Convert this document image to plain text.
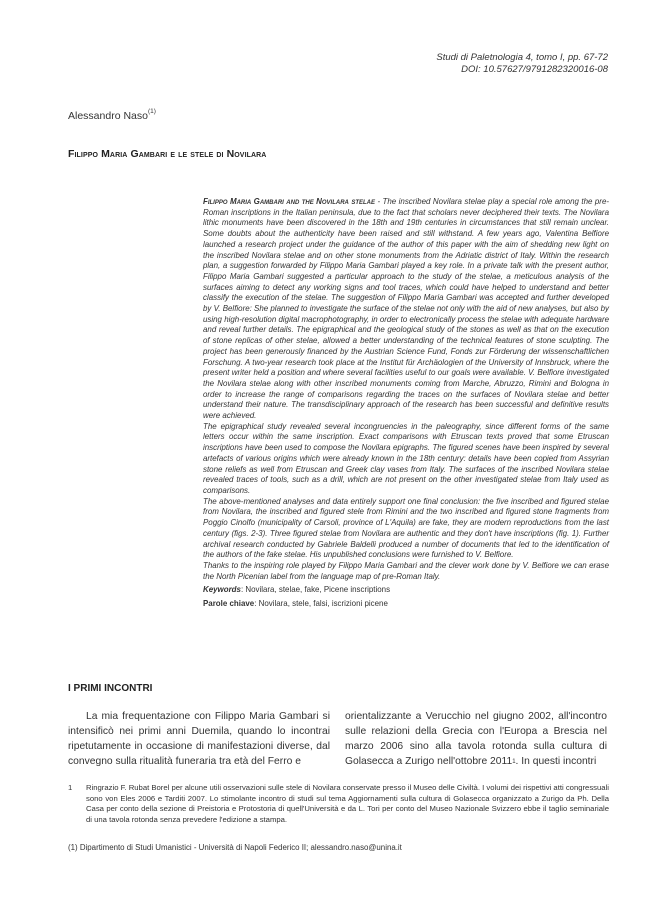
Studi di Paletnologia 4, tomo I, pp. 67-72
DOI: 10.57627/9791282320016-08
Alessandro Naso$^{(1)}$
Filippo Maria Gambari e le stele di Novilara

Filippo Maria Gambari and the Novilara stelae - The inscribed Novilara stelae play a special role among the pre-Roman inscriptions in the Italian peninsula, due to the fact that scholars never deciphered their texts. The Novilara lithic monuments have been discovered in the 18th and 19th centuries in circumstances that still remain unclear. Some doubts about the authenticity have been raised and still withstand. A few years ago, Valentina Belfiore launched a research project under the guidance of the author of this paper with the aim of shedding new light on the inscribed Novilara stelae and on other stone monuments from the Adriatic district of Italy. Within the research plan, a suggestion forwarded by Filippo Maria Gambari played a key role. In a private talk with the present author, Filippo Maria Gambari suggested a particular approach to the study of the stelae, a meticulous analysis of the surfaces aiming to detect any working signs and tool traces, which could have helped to understand and better classify the execution of the stelae. The suggestion of Filippo Maria Gambari was accepted and further developed by V. Belfiore: She planned to investigate the surface of the stelae not only with the aid of new analyses, but also by using high-resolution digital macrophotography, in order to electronically process the stelae with adequate hardware and reveal further details. The epigraphical and the geological study of the stones as well as that on the execution of stone replicas of other stelae, allowed a better understanding of the technical features of stone sculpting. The project has been generously financed by the Austrian Science Fund, Fonds zur Förderung der wissenschaftlichen Forschung. A two-year research took place at the Institut für Archäologien of the University of Innsbruck, where the present writer held a position and where several facilities useful to our goals were available. V. Belfiore investigated the Novilara stelae along with other inscribed monuments coming from Marche, Abruzzo, Rimini and Bologna in order to increase the range of comparisons regarding the traces on the surfaces of Novilara stelae and better understand their nature. The transdisciplinary approach of the research has been successful and definitive results were achieved.

The epigraphical study revealed several incongruencies in the paleography, since different forms of the same letters occur within the same inscription. Exact comparisons with Etruscan texts proved that some Etruscan inscriptions have been used to compose the Novilara epigraphs. The figured scenes have been inspired by several artefacts of various origins which were already known in the 18th century: details have been copied from Assyrian stone reliefs as well from Etruscan and Greek clay vases from Italy. The surfaces of the inscribed Novilara stelae revealed traces of tools, such as a drill, which are not present on the other investigated stelae from Italy used as comparisons.

The above-mentioned analyses and data entirely support one final conclusion: the five inscribed and figured stelae from Novilara, the inscribed and figured stele from Rimini and the two inscribed and figured stone fragments from Poggio Cinolfo (municipality of Carsoli, province of L'Aquila) are fake, they are modern reproductions from the last century (figs. 2-3). Three figured stelae from Novilara are authentic and they don't have inscriptions (fig. 1). Further archival research conducted by Gabriele Baldelli produced a number of documents that led to the identification of the authors of the fake stelae. His unpublished conclusions were furnished to V. Belfiore.

Thanks to the inspiring role played by Filippo Maria Gambari and the clever work done by V. Belfiore we can erase the North Picenian label from the language map of pre-Roman Italy.

Keywords: Novilara, stelae, fake, Picene inscriptions

Parole chiave: Novilara, stele, falsi, iscrizioni picene

I PRIMI INCONTRI

La mia frequentazione con Filippo Maria Gambari si intensificò nei primi anni Duemila, quando lo incontrai ripetutamente in occasione di manifestazioni diverse, dal convegno sulla ritualità funeraria tra età del Ferro e

orientalizzante a Verucchio nel giugno 2002, all'incontro sulle relazioni della Grecia con l'Europa a Brescia nel marzo 2006 sino alla tavola rotonda sulla cultura di Golasecca a Zurigo nell'ottobre 2011$^1$. In questi incontri

1 Ringrazio F. Rubat Borel per alcune utili osservazioni sulle stele di Novilara conservate presso il Museo delle Civiltà. I volumi dei rispettivi atti congressuali sono von Eles 2006 e Tarditi 2007. Lo stimolante incontro di studi sul tema Aggiornamenti sulla cultura di Golasecca organizzato a Zurigo da Ph. Della Casa per conto della sezione di Preistoria e Protostoria di quell'Università e da L. Tori per conto del Museo Nazionale Svizzero ebbe il taglio seminariale di una tavola rotonda senza prevedere l'edizione a stampa.
(1) Dipartimento di Studi Umanistici - Università di Napoli Federico II; alessandro.naso@unina.it
